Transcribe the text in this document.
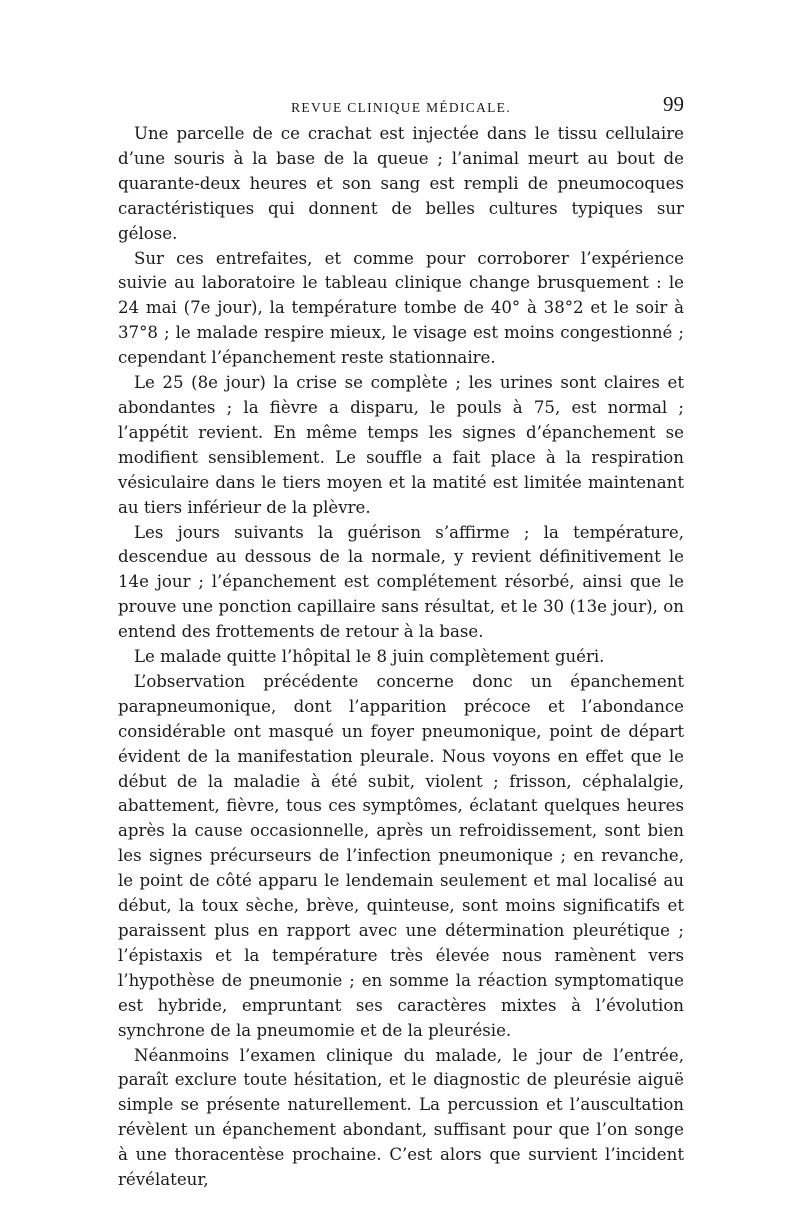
REVUE CLINIQUE MÉDICALE.	99

Une parcelle de ce crachat est injectée dans le tissu cellulaire d’une souris à la base de la queue ; l’animal meurt au bout de quarante-deux heures et son sang est rempli de pneumocoques caractéristiques qui donnent de belles cultures typiques sur gélose.

Sur ces entrefaites, et comme pour corroborer l’expérience suivie au laboratoire le tableau clinique change brusquement : le 24 mai (7e jour), la température tombe de 40° à 38°2 et le soir à 37°8 ; le malade respire mieux, le visage est moins congestionné ; cependant l’épanchement reste stationnaire.

Le 25 (8e jour) la crise se complète ; les urines sont claires et abondantes ; la fièvre a disparu, le pouls à 75, est normal ; l’appétit revient. En même temps les signes d’épanchement se modifient sensiblement. Le souffle a fait place à la respiration vésiculaire dans le tiers moyen et la matité est limitée maintenant au tiers inférieur de la plèvre.

Les jours suivants la guérison s’affirme ; la température, descendue au dessous de la normale, y revient définitivement le 14e jour ; l’épanchement est complétement résorbé, ainsi que le prouve une ponction capillaire sans résultat, et le 30 (13e jour), on entend des frottements de retour à la base.

Le malade quitte l’hôpital le 8 juin complètement guéri.

L’observation précédente concerne donc un épanchement parapneumonique, dont l’apparition précoce et l’abondance considérable ont masqué un foyer pneumonique, point de départ évident de la manifestation pleurale. Nous voyons en effet que le début de la maladie à été subit, violent ; frisson, céphalalgie, abattement, fièvre, tous ces symptômes, éclatant quelques heures après la cause occasionnelle, après un refroidissement, sont bien les signes précurseurs de l’infection pneumonique ; en revanche, le point de côté apparu le lendemain seulement et mal localisé au début, la toux sèche, brève, quinteuse, sont moins significatifs et paraissent plus en rapport avec une détermination pleurétique ; l’épistaxis et la température très élevée nous ramènent vers l’hypothèse de pneumonie ; en somme la réaction symptomatique est hybride, empruntant ses caractères mixtes à l’évolution synchrone de la pneumomie et de la pleurésie.

Néanmoins l’examen clinique du malade, le jour de l’entrée, paraît exclure toute hésitation, et le diagnostic de pleurésie aiguë simple se présente naturellement. La percussion et l’auscultation révèlent un épanchement abondant, suffisant pour que l’on songe à une thoracentèse prochaine. C’est alors que survient l’incident révélateur,
